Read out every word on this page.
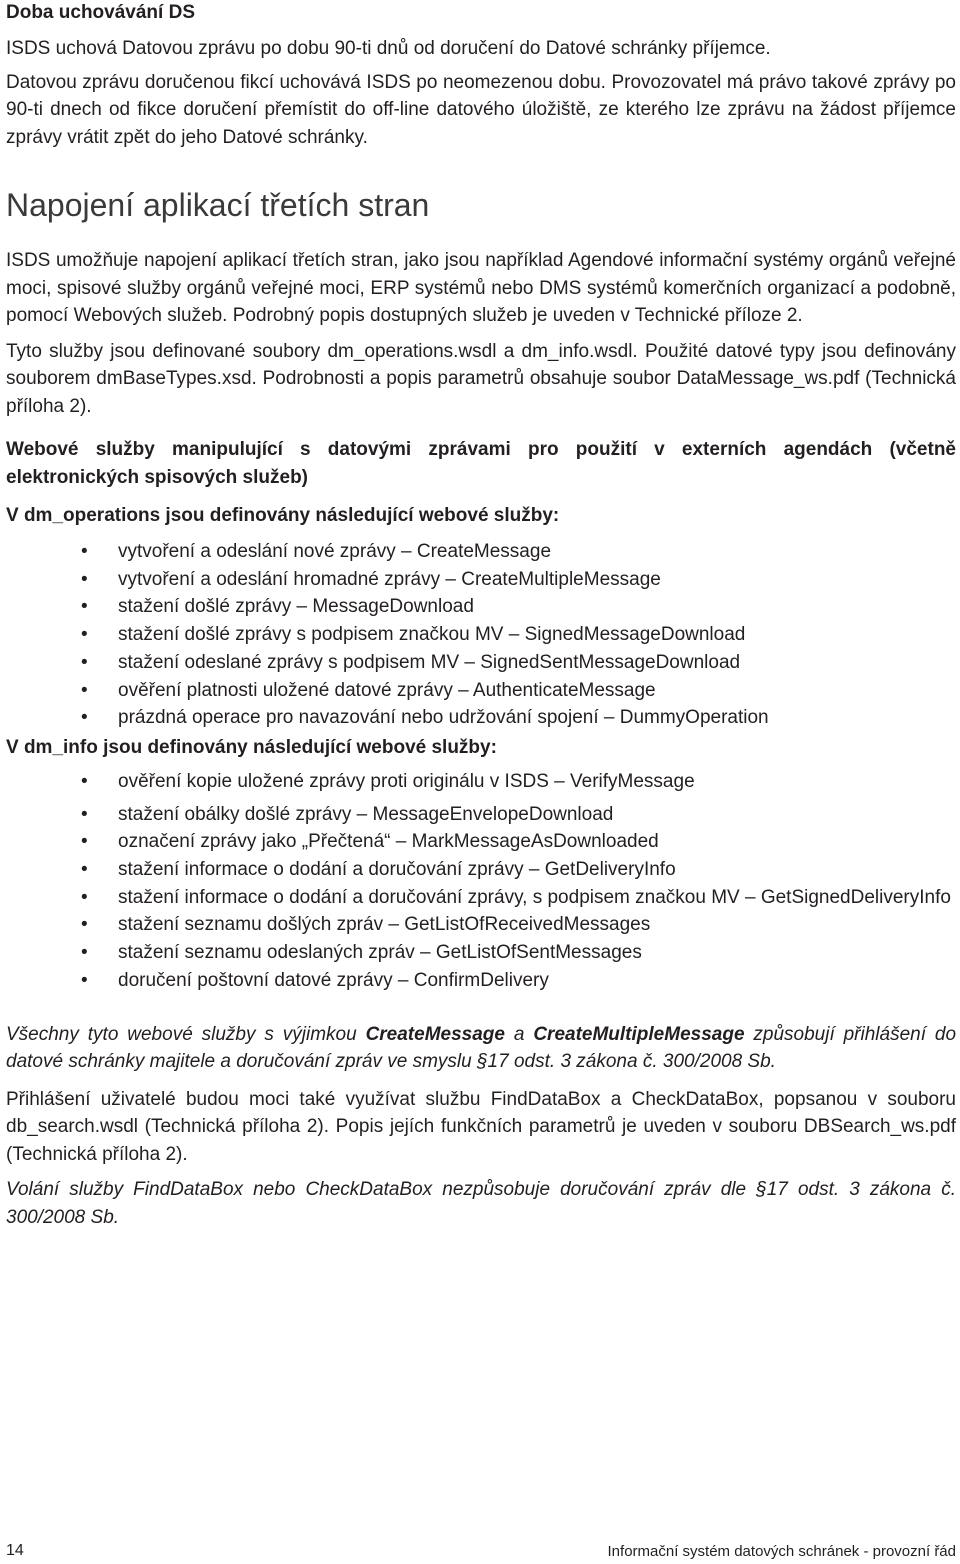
Doba uchovávání DS

ISDS uchová Datovou zprávu po dobu 90-ti dnů od doručení do Datové schránky příjemce.

Datovou zprávu doručenou fikcí uchovává ISDS po neomezenou dobu. Provozovatel má právo takové zprávy po 90-ti dnech od fikce doručení přemístit do off-line datového úložiště, ze kterého lze zprávu na žádost příjemce zprávy vrátit zpět do jeho Datové schránky.

Napojení aplikací třetích stran

ISDS umožňuje napojení aplikací třetích stran, jako jsou například Agendové informační systémy orgánů veřejné moci, spisové služby orgánů veřejné moci, ERP systémů nebo DMS systémů komerčních organizací a podobně, pomocí Webových služeb. Podrobný popis dostupných služeb je uveden v Technické příloze 2.

Tyto služby jsou definované soubory dm_operations.wsdl a dm_info.wsdl. Použité datové typy jsou definovány souborem dmBaseTypes.xsd. Podrobnosti a popis parametrů obsahuje soubor DataMessage_ws.pdf (Technická příloha 2).

Webové služby manipulující s datovými zprávami pro použití v externích agendách (včetně elektronických spisových služeb)

V dm_operations jsou definovány následující webové služby:

• vytvoření a odeslání nové zprávy – CreateMessage
• vytvoření a odeslání hromadné zprávy – CreateMultipleMessage
• stažení došlé zprávy – MessageDownload
• stažení došlé zprávy s podpisem značkou MV – SignedMessageDownload
• stažení odeslané zprávy s podpisem MV – SignedSentMessageDownload
• ověření platnosti uložené datové zprávy – AuthenticateMessage
• prázdná operace pro navazování nebo udržování spojení – DummyOperation

V dm_info jsou definovány následující webové služby:

• ověření kopie uložené zprávy proti originálu v ISDS – VerifyMessage
• stažení obálky došlé zprávy – MessageEnvelopeDownload
• označení zprávy jako „Přečtená“ – MarkMessageAsDownloaded
• stažení informace o dodání a doručování zprávy – GetDeliveryInfo
• stažení informace o dodání a doručování zprávy, s podpisem značkou MV – GetSignedDeliveryInfo
• stažení seznamu došlých zpráv – GetListOfReceivedMessages
• stažení seznamu odeslaných zpráv – GetListOfSentMessages
• doručení poštovní datové zprávy – ConfirmDelivery

Všechny tyto webové služby s výjimkou CreateMessage a CreateMultipleMessage způsobují přihlášení do datové schránky majitele a doručování zpráv ve smyslu §17 odst. 3 zákona č. 300/2008 Sb.

Přihlášení uživatelé budou moci také využívat službu FindDataBox a CheckDataBox, popsanou v souboru db_search.wsdl (Technická příloha 2). Popis jejích funkčních parametrů je uveden v souboru DBSearch_ws.pdf (Technická příloha 2).

Volání služby FindDataBox nebo CheckDataBox nezpůsobuje doručování zpráv dle §17 odst. 3 zákona č. 300/2008 Sb.

14	Informační systém datových schránek - provozní řád
